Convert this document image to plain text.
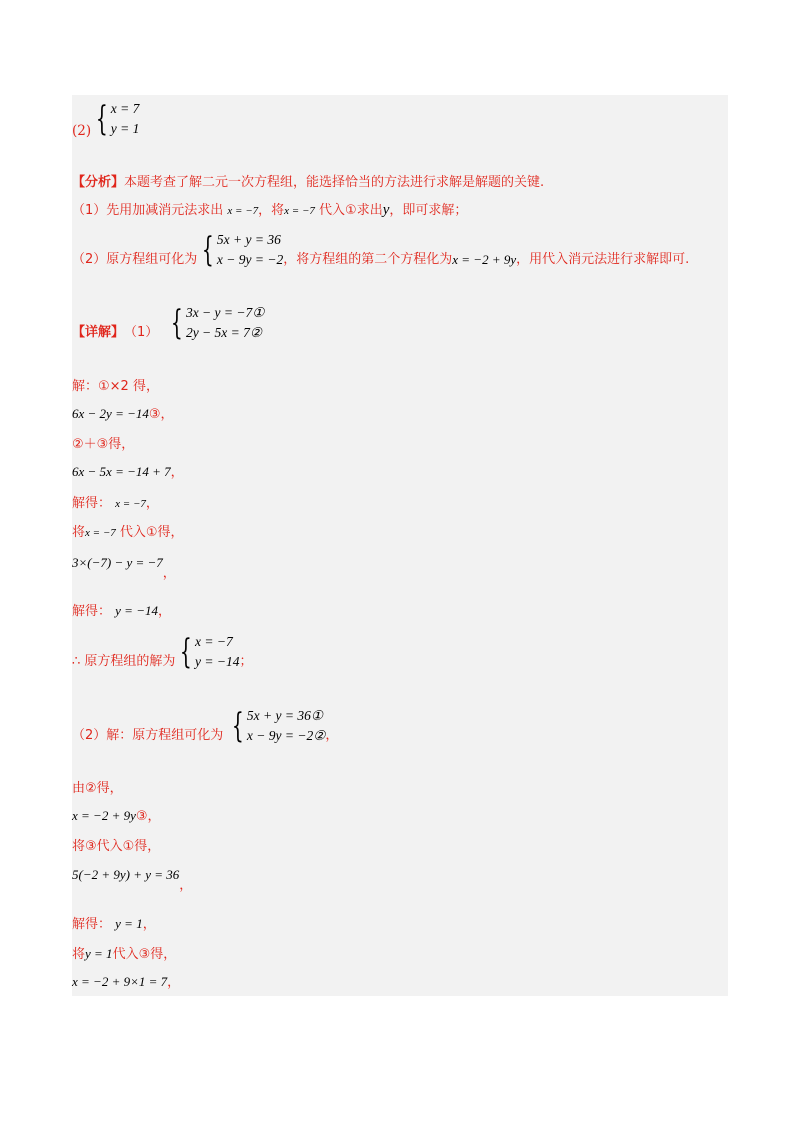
(2) { x = 7
y = 1
【分析】本题考查了解二元一次方程组，能选择恰当的方法进行求解是解题的关键.
（1）先用加减消元法求出 x = −7，将x = −7 代入①求出y，即可求解；
（2）原方程组可化为 { 5x + y = 36
x − 9y = −2 ，将方程组的第二个方程化为 x = −2 + 9y ，用代入消元法进行求解即可.
【详解】 （1） { 3x − y = −7①
2y − 5x = 7②
解：①×2 得，
6x − 2y = −14③，
②＋③得，
6x − 5x = −14 + 7，
解得： x = −7，
将x = −7 代入①得，
3×(−7) − y = −7，
解得： y = −14，
∴ 原方程组的解为 { x = −7
y = −14 ；
（2）解：原方程组可化为 { 5x + y = 36①
x − 9y = −2② ，
由②得，
x = −2 + 9y③，
将③代入①得，
5(−2 + 9y) + y = 36，
解得： y = 1，
将y = 1代入③得，
x = −2 + 9×1 = 7，
